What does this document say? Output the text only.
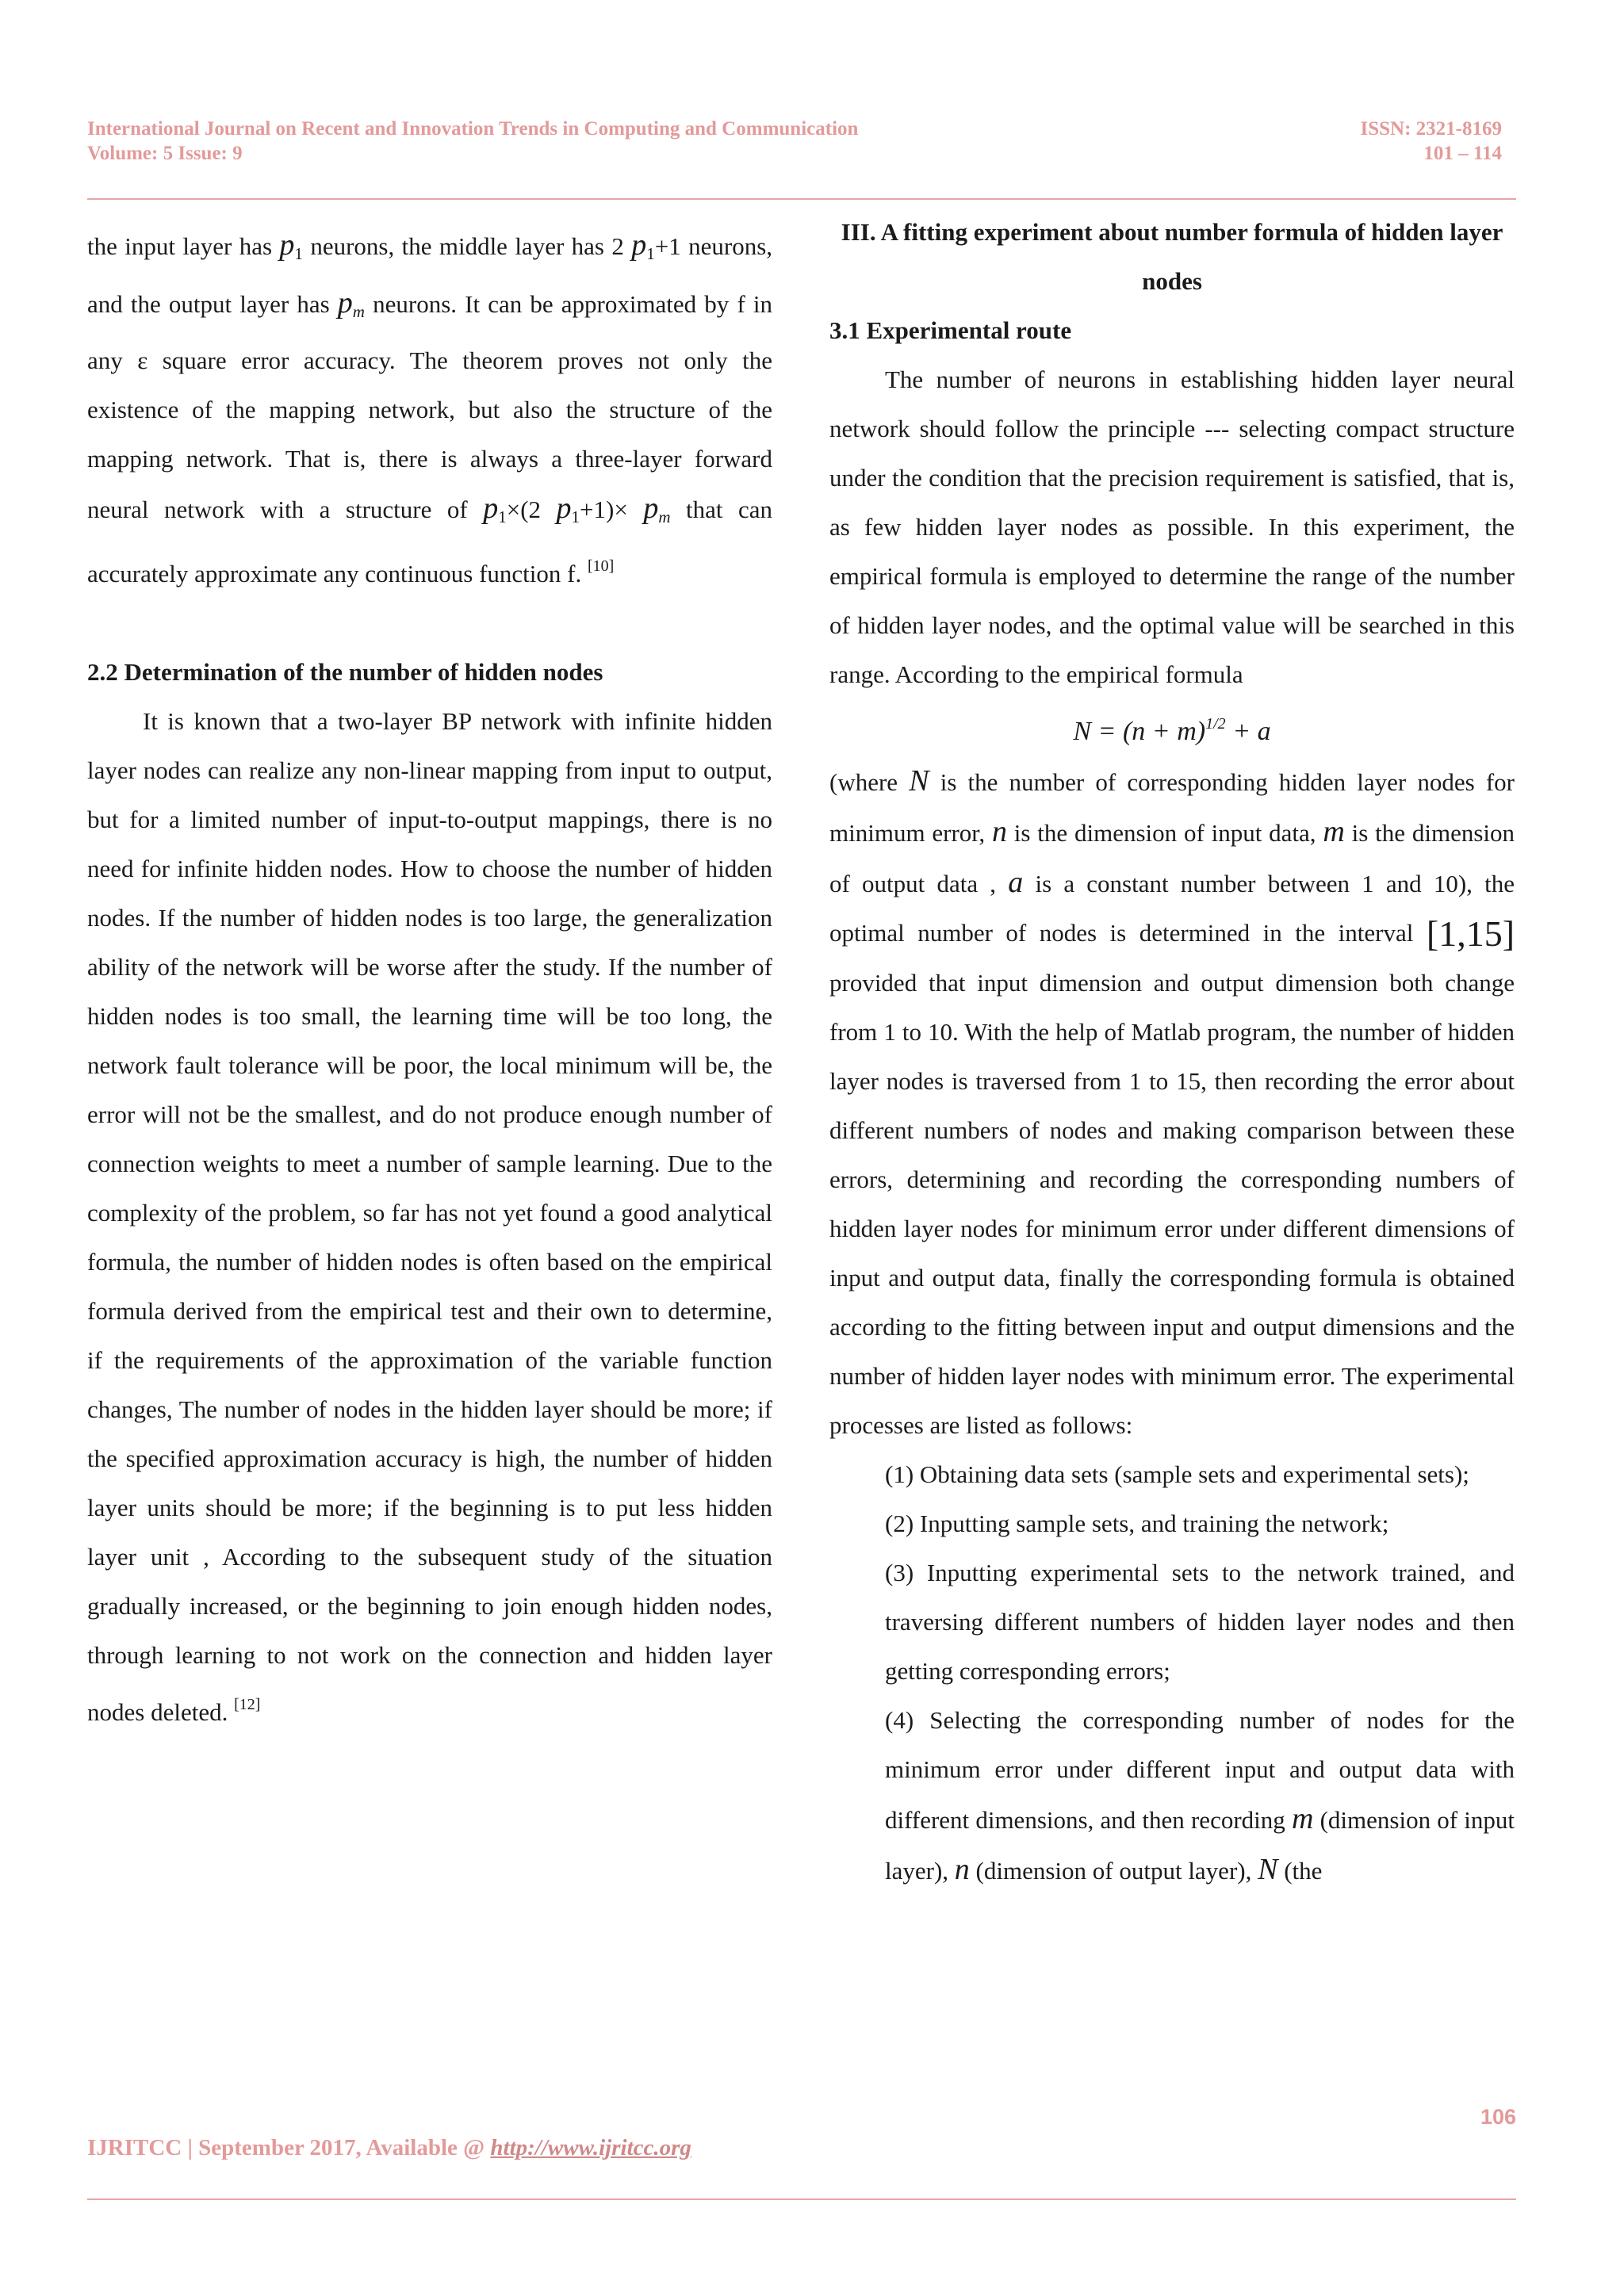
International Journal on Recent and Innovation Trends in Computing and Communication
Volume: 5 Issue: 9
ISSN: 2321-8169
101 – 114

the input layer has $p_1$ neurons, the middle layer has 2 $p_1+1$ neurons, and the output layer has pm neurons. It can be approximated by f in any ε square error accuracy. The theorem proves not only the existence of the mapping network, but also the structure of the mapping network. That is, there is always a three-layer forward neural network with a structure of $p_1\times(2$ $p_1+1)\times$ pm that can accurately approximate any continuous function f. [10]

2.2 Determination of the number of hidden nodes

It is known that a two-layer BP network with infinite hidden layer nodes can realize any non-linear mapping from input to output, but for a limited number of input-to-output mappings, there is no need for infinite hidden nodes. How to choose the number of hidden nodes. If the number of hidden nodes is too large, the generalization ability of the network will be worse after the study. If the number of hidden nodes is too small, the learning time will be too long, the network fault tolerance will be poor, the local minimum will be, the error will not be the smallest, and do not produce enough number of connection weights to meet a number of sample learning. Due to the complexity of the problem, so far has not yet found a good analytical formula, the number of hidden nodes is often based on the empirical formula derived from the empirical test and their own to determine, if the requirements of the approximation of the variable function changes, The number of nodes in the hidden layer should be more; if the specified approximation accuracy is high, the number of hidden layer units should be more; if the beginning is to put less hidden layer unit , According to the subsequent study of the situation gradually increased, or the beginning to join enough hidden nodes, through learning to not work on the connection and hidden layer nodes deleted. [12]

III. A fitting experiment about number formula of hidden layer nodes

3.1 Experimental route

The number of neurons in establishing hidden layer neural network should follow the principle --- selecting compact structure under the condition that the precision requirement is satisfied, that is, as few hidden layer nodes as possible. In this experiment, the empirical formula is employed to determine the range of the number of hidden layer nodes, and the optimal value will be searched in this range. According to the empirical formula

$N = (n + m)^{1/2} + a$

(where N is the number of corresponding hidden layer nodes for minimum error, n is the dimension of input data, m is the dimension of output data , a is a constant number between 1 and 10), the optimal number of nodes is determined in the interval [1,15] provided that input dimension and output dimension both change from 1 to 10. With the help of Matlab program, the number of hidden layer nodes is traversed from 1 to 15, then recording the error about different numbers of nodes and making comparison between these errors, determining and recording the corresponding numbers of hidden layer nodes for minimum error under different dimensions of input and output data, finally the corresponding formula is obtained according to the fitting between input and output dimensions and the number of hidden layer nodes with minimum error. The experimental processes are listed as follows:

(1) Obtaining data sets (sample sets and experimental sets);

(2) Inputting sample sets, and training the network;

(3) Inputting experimental sets to the network trained, and traversing different numbers of hidden layer nodes and then getting corresponding errors;

(4) Selecting the corresponding number of nodes for the minimum error under different input and output data with different dimensions, and then recording m (dimension of input layer), n (dimension of output layer), N (the

106
IJRITCC | September 2017, Available @ http://www.ijritcc.org
